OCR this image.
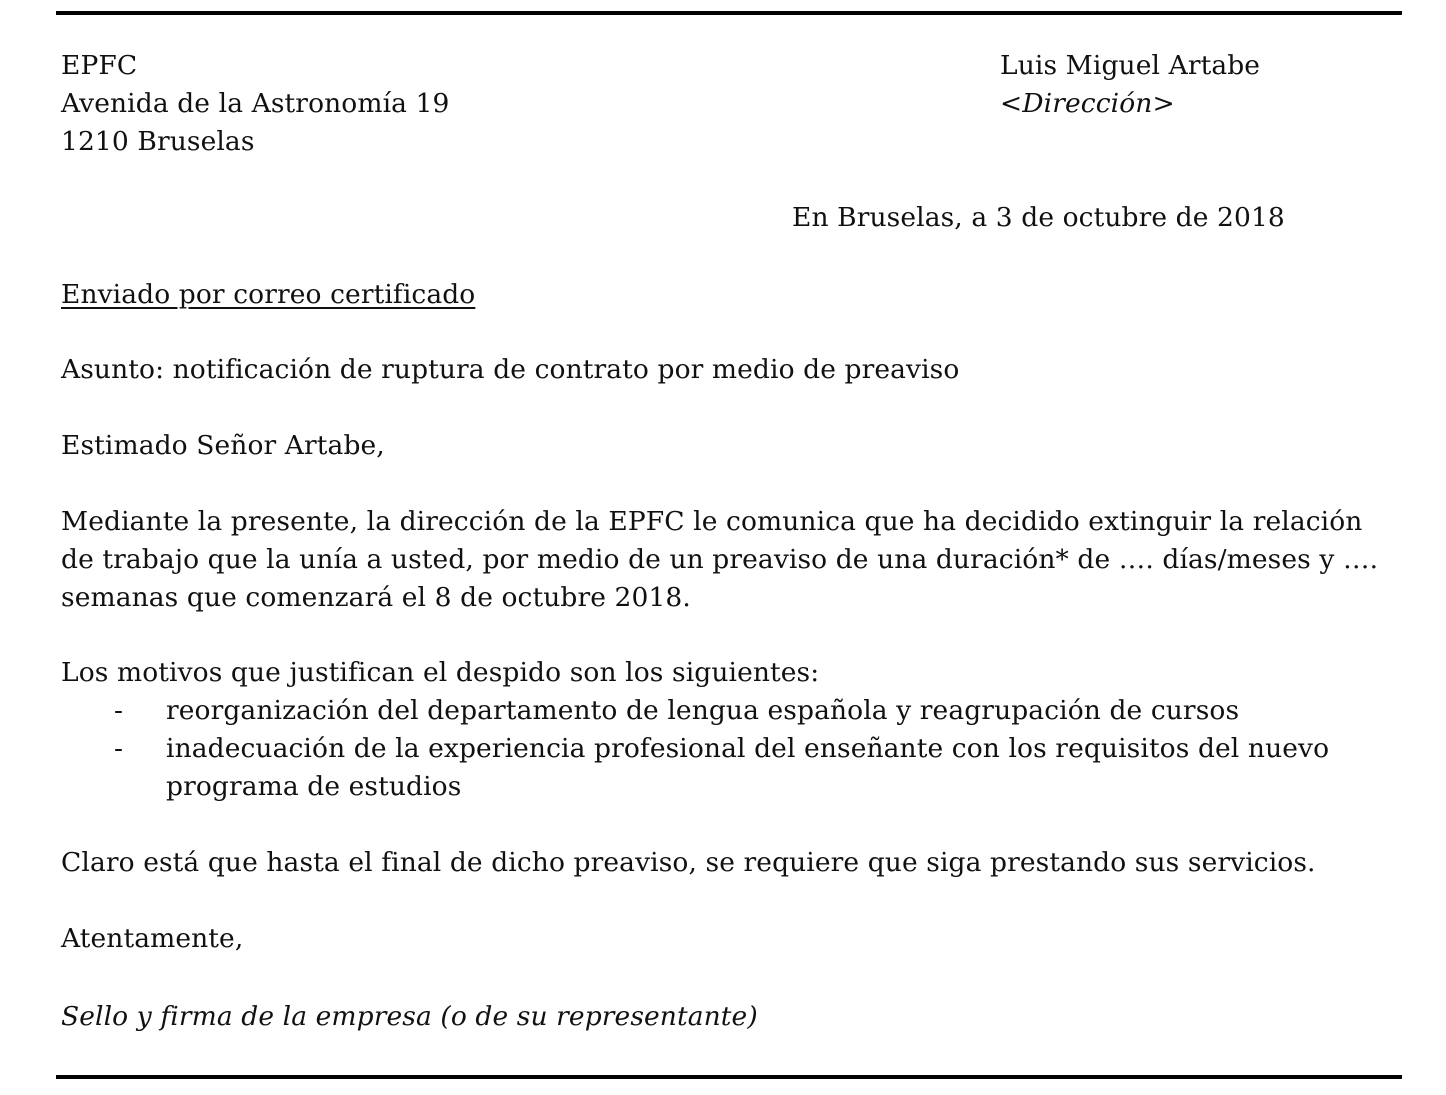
EPFC
Avenida de la Astronomía 19
1210 Bruselas
Luis Miguel Artabe
<Dirección>
En Bruselas, a 3 de octubre de 2018
Enviado por correo certificado
Asunto: notificación de ruptura de contrato por medio de preaviso
Estimado Señor Artabe,
Mediante la presente, la dirección de la EPFC le comunica que ha decidido extinguir la relación
de trabajo que la unía a usted, por medio de un preaviso de una duración* de …. días/meses y ….
semanas que comenzará el 8 de octubre 2018.
Los motivos que justifican el despido son los siguientes:
- reorganización del departamento de lengua española y reagrupación de cursos
- inadecuación de la experiencia profesional del enseñante con los requisitos del nuevo
programa de estudios
Claro está que hasta el final de dicho preaviso, se requiere que siga prestando sus servicios.
Atentamente,
Sello y firma de la empresa (o de su representante)
